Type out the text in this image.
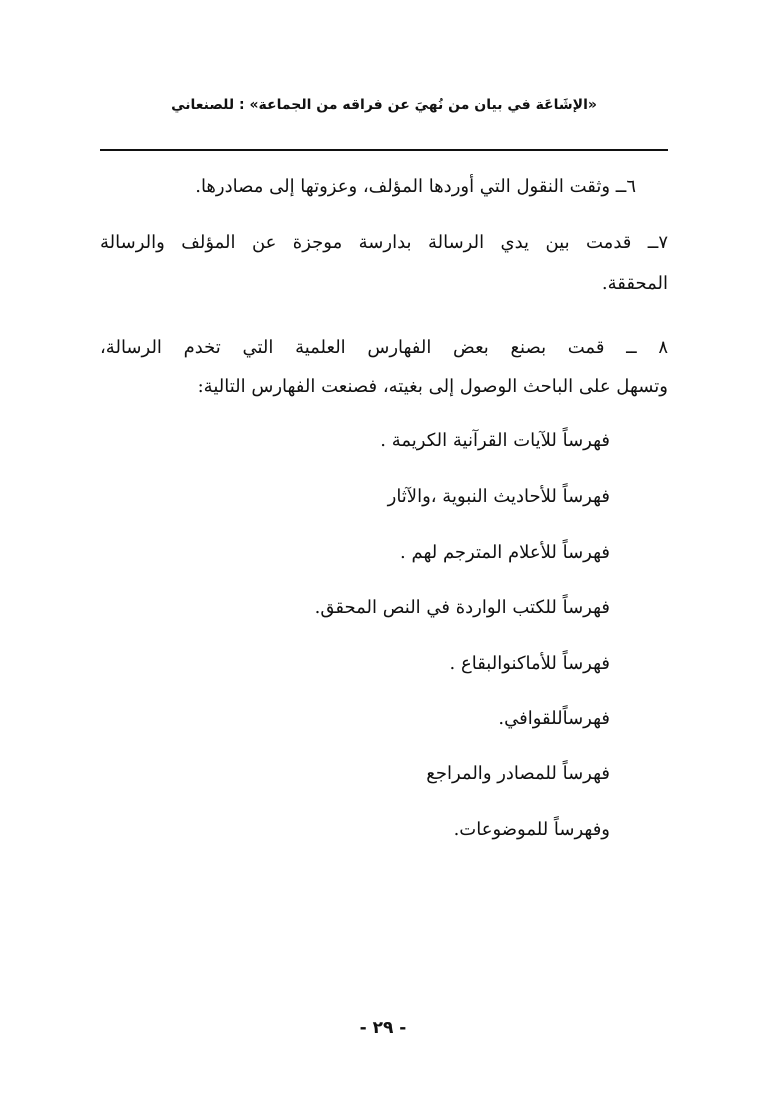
«الإشَاعَة في بيان من نُهيَ عن فراقه من الجماعة» : للصنعاني
٦ــ وثقت النقول التي أوردها المؤلف، وعزوتها إلى مصادرها.
٧ــ قدمت بين يدي الرسالة بدارسة موجزة عن المؤلف والرسالة
المحققة.
٨ ــ قمت بصنع بعض الفهارس العلمية التي تخدم الرسالة،
وتسهل على الباحث الوصول إلى بغيته، فصنعت الفهارس التالية:
فهرساً للآيات القرآنية الكريمة .
فهرساً للأحاديث النبوية ،والآثار
فهرساً للأعلام المترجم لهم .
فهرساً للكتب الواردة في النص المحقق.
فهرساً للأماكنوالبقاع .
فهرساًللقوافي.
فهرساً للمصادر والمراجع
وفهرساً للموضوعات.
- ٢٩ -
